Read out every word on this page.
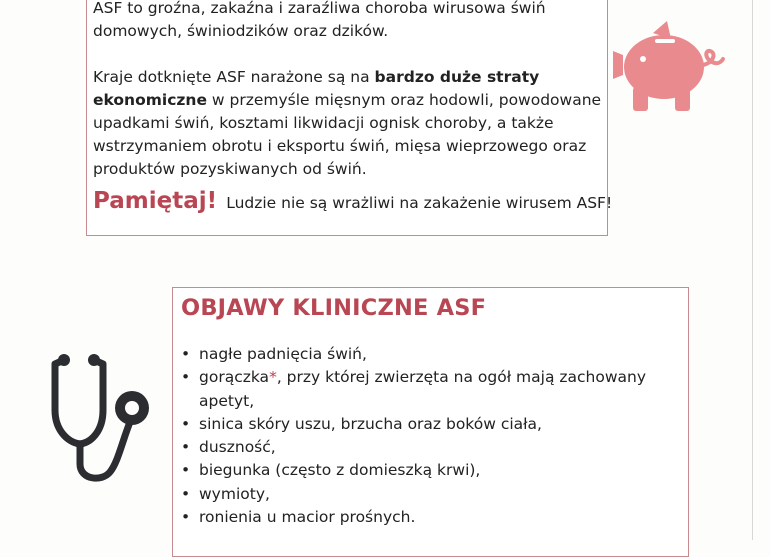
ASF to groźna, zakaźna i zaraźliwa choroba wirusowa świń
domowych, świniodzików oraz dzików.

Kraje dotknięte ASF narażone są na bardzo duże straty
ekonomiczne w przemyśle mięsnym oraz hodowli, powodowane
upadkami świń, kosztami likwidacji ognisk choroby, a także
wstrzymaniem obrotu i eksportu świń, mięsa wieprzowego oraz
produktów pozyskiwanych od świń.

Pamiętaj! Ludzie nie są wrażliwi na zakażenie wirusem ASF!
OBJAWY KLINICZNE ASF
• nagłe padnięcia świń,
• gorączka*, przy której zwierzęta na ogół mają zachowany
apetyt,
• sinica skóry uszu, brzucha oraz boków ciała,
• duszność,
• biegunka (często z domieszką krwi),
• wymioty,
• ronienia u macior prośnych.
